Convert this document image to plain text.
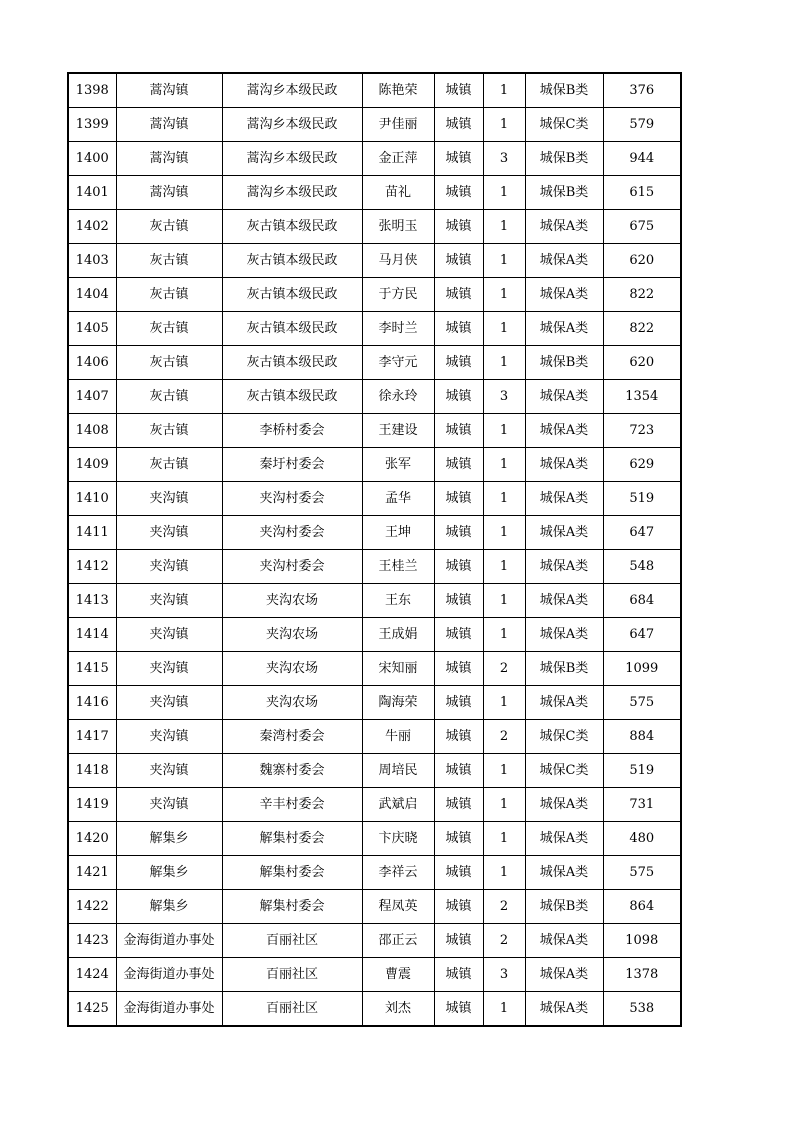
1398	蒿沟镇	蒿沟乡本级民政	陈艳荣	城镇	1	城保B类	376
1399	蒿沟镇	蒿沟乡本级民政	尹佳丽	城镇	1	城保C类	579
1400	蒿沟镇	蒿沟乡本级民政	金正萍	城镇	3	城保B类	944
1401	蒿沟镇	蒿沟乡本级民政	苗礼	城镇	1	城保B类	615
1402	灰古镇	灰古镇本级民政	张明玉	城镇	1	城保A类	675
1403	灰古镇	灰古镇本级民政	马月侠	城镇	1	城保A类	620
1404	灰古镇	灰古镇本级民政	于方民	城镇	1	城保A类	822
1405	灰古镇	灰古镇本级民政	李时兰	城镇	1	城保A类	822
1406	灰古镇	灰古镇本级民政	李守元	城镇	1	城保B类	620
1407	灰古镇	灰古镇本级民政	徐永玲	城镇	3	城保A类	1354
1408	灰古镇	李桥村委会	王建设	城镇	1	城保A类	723
1409	灰古镇	秦圩村委会	张军	城镇	1	城保A类	629
1410	夹沟镇	夹沟村委会	孟华	城镇	1	城保A类	519
1411	夹沟镇	夹沟村委会	王坤	城镇	1	城保A类	647
1412	夹沟镇	夹沟村委会	王桂兰	城镇	1	城保A类	548
1413	夹沟镇	夹沟农场	王东	城镇	1	城保A类	684
1414	夹沟镇	夹沟农场	王成娟	城镇	1	城保A类	647
1415	夹沟镇	夹沟农场	宋知丽	城镇	2	城保B类	1099
1416	夹沟镇	夹沟农场	陶海荣	城镇	1	城保A类	575
1417	夹沟镇	秦湾村委会	牛丽	城镇	2	城保C类	884
1418	夹沟镇	魏寨村委会	周培民	城镇	1	城保C类	519
1419	夹沟镇	辛丰村委会	武斌启	城镇	1	城保A类	731
1420	解集乡	解集村委会	卞庆晓	城镇	1	城保A类	480
1421	解集乡	解集村委会	李祥云	城镇	1	城保A类	575
1422	解集乡	解集村委会	程凤英	城镇	2	城保B类	864
1423	金海街道办事处	百丽社区	邵正云	城镇	2	城保A类	1098
1424	金海街道办事处	百丽社区	曹震	城镇	3	城保A类	1378
1425	金海街道办事处	百丽社区	刘杰	城镇	1	城保A类	538
